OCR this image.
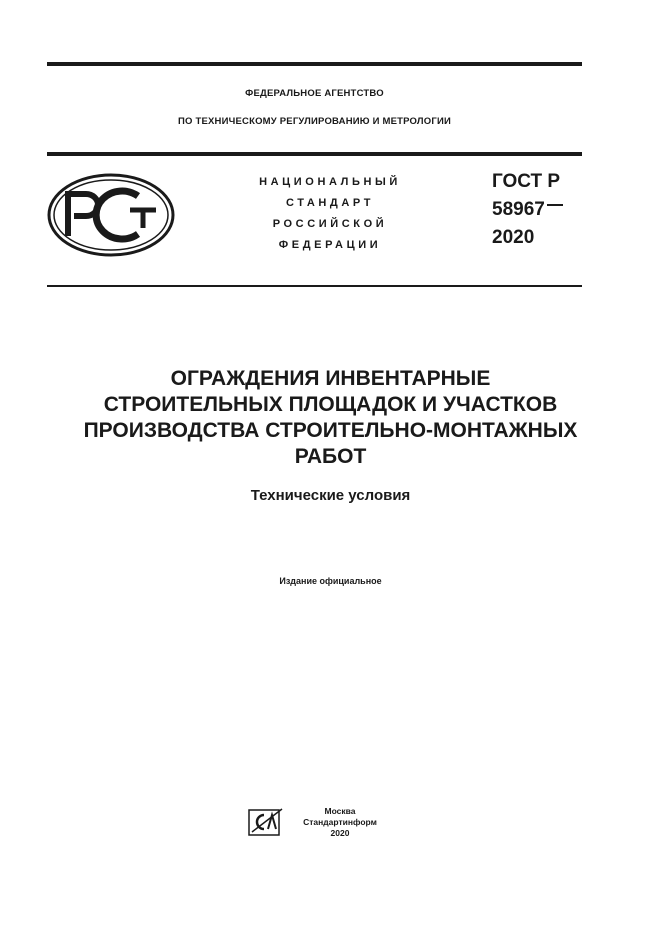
ФЕДЕРАЛЬНОЕ АГЕНТСТВО
ПО ТЕХНИЧЕСКОМУ РЕГУЛИРОВАНИЮ И МЕТРОЛОГИИ
НАЦИОНАЛЬНЫЙ
СТАНДАРТ
РОССИЙСКОЙ
ФЕДЕРАЦИИ
ГОСТ Р
58967
2020
ОГРАЖДЕНИЯ ИНВЕНТАРНЫЕ
СТРОИТЕЛЬНЫХ ПЛОЩАДОК И УЧАСТКОВ
ПРОИЗВОДСТВА СТРОИТЕЛЬНО-МОНТАЖНЫХ
РАБОТ
Технические условия
Издание официальное
Москва
Стандартинформ
2020
